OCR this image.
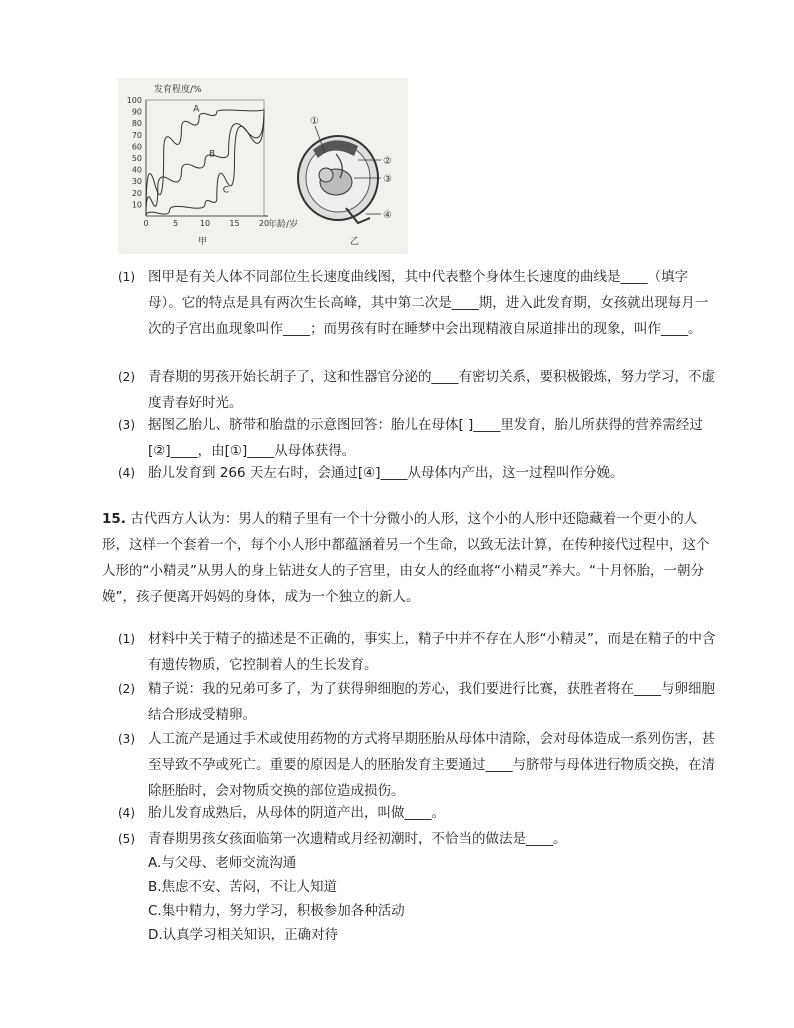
发育程度/%
年龄/岁
10
20
30
40
50
60
70
80
90
100
0	5	10 15 20
A
B
C
甲
①
②
③
④
乙
(1) 图甲是有关人体不同部位生长速度曲线图，其中代表整个身体生长速度的曲线是____（填字母）。它的特点是具有两次生长高峰，其中第二次是____期，进入此发育期，女孩就出现每月一次的子宫出血现象叫作____；而男孩有时在睡梦中会出现精液自尿道排出的现象，叫作____。
(2) 青春期的男孩开始长胡子了，这和性器官分泌的____有密切关系，要积极锻炼，努力学习，不虚度青春好时光。
(3) 据图乙胎儿、脐带和胎盘的示意图回答：胎儿在母体[ ]____里发育，胎儿所获得的营养需经过[②]____，由[①]____从母体获得。
(4) 胎儿发育到 266 天左右时，会通过[④]____从母体内产出，这一过程叫作分娩。
15. 古代西方人认为：男人的精子里有一个十分微小的人形，这个小的人形中还隐藏着一个更小的人形，这样一个套着一个，每个小人形中都蕴涵着另一个生命，以致无法计算，在传种接代过程中，这个人形的“小精灵”从男人的身上钻进女人的子宫里，由女人的经血将“小精灵”养大。“十月怀胎，一朝分娩”，孩子便离开妈妈的身体，成为一个独立的新人。
(1) 材料中关于精子的描述是不正确的，事实上，精子中并不存在人形“小精灵”，而是在精子的中含有遗传物质，它控制着人的生长发育。
(2) 精子说：我的兄弟可多了，为了获得卵细胞的芳心，我们要进行比赛，获胜者将在____与卵细胞结合形成受精卵。
(3) 人工流产是通过手术或使用药物的方式将早期胚胎从母体中清除，会对母体造成一系列伤害，甚至导致不孕或死亡。重要的原因是人的胚胎发育主要通过____与脐带与母体进行物质交换，在清除胚胎时，会对物质交换的部位造成损伤。
(4) 胎儿发育成熟后，从母体的阴道产出，叫做____。
(5) 青春期男孩女孩面临第一次遗精或月经初潮时，不恰当的做法是____。
A.与父母、老师交流沟通
B.焦虑不安、苦闷，不让人知道
C.集中精力，努力学习，积极参加各种活动
D.认真学习相关知识，正确对待
